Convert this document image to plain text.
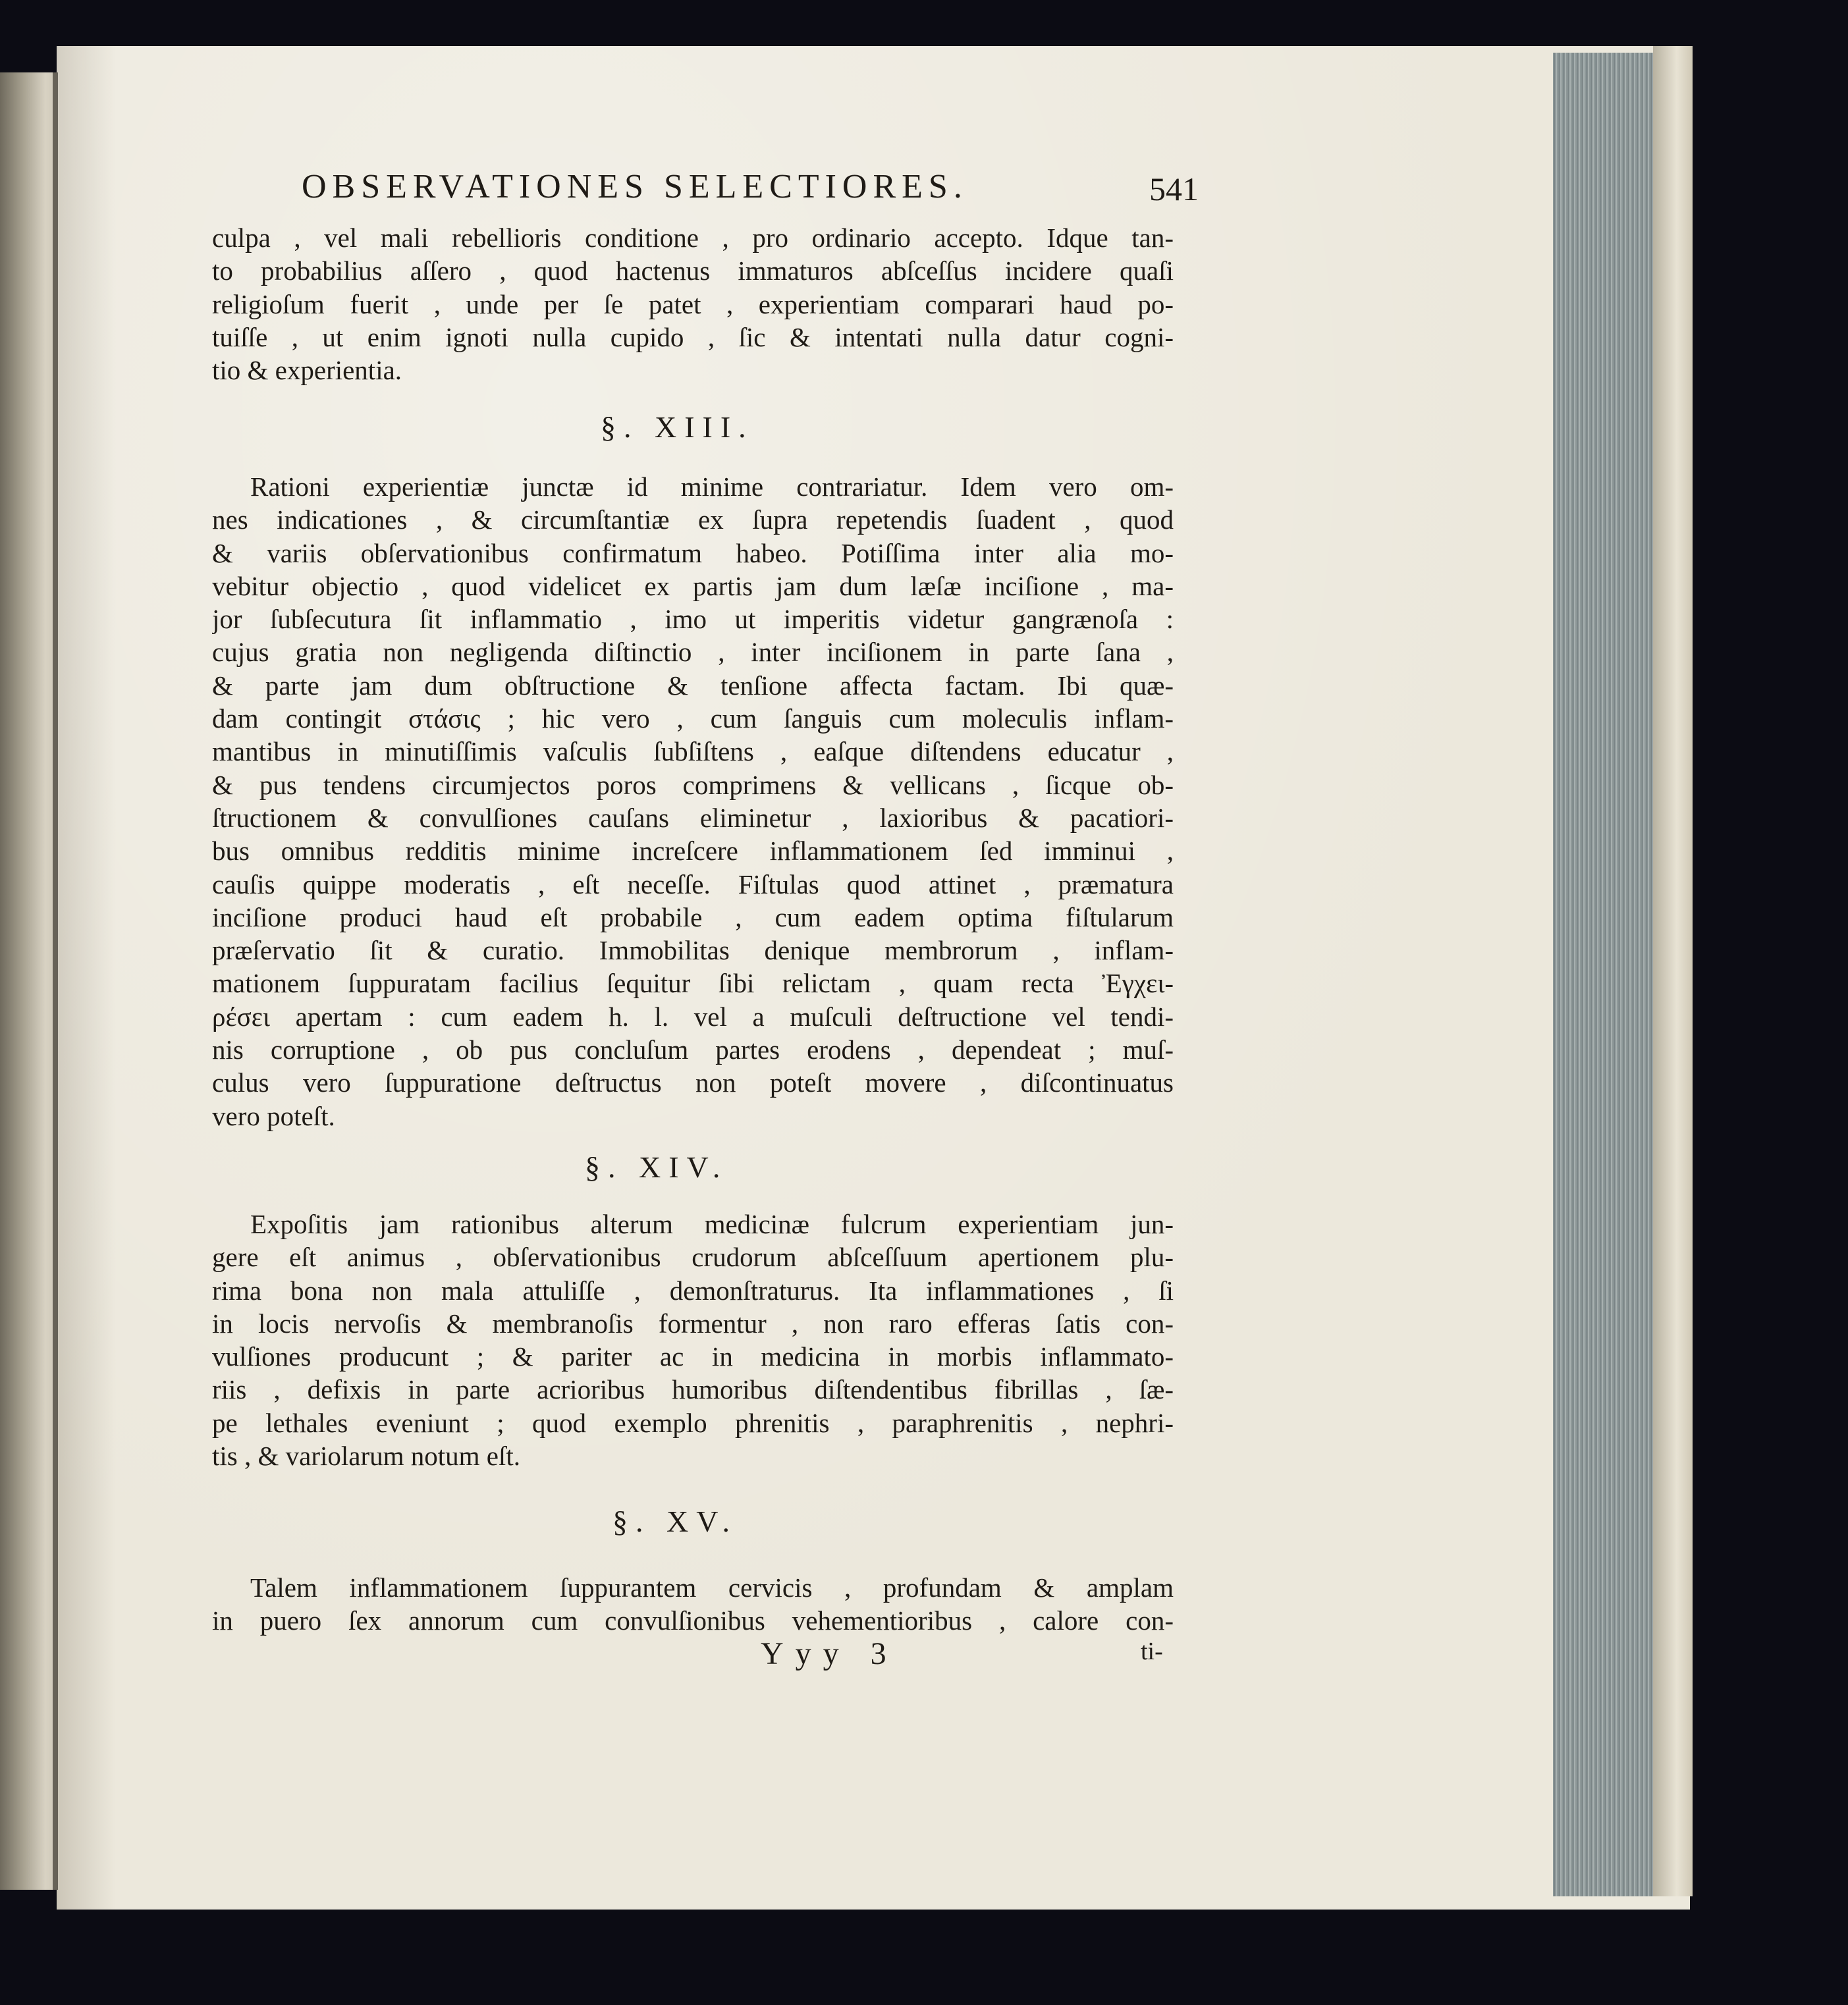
OBSERVATIONES SELECTIORES.	541
culpa , vel mali rebellioris conditione , pro ordinario accepto. Idque tan-
to probabilius aſſero , quod hactenus immaturos abſceſſus incidere quaſi
religioſum fuerit , unde per ſe patet , experientiam comparari haud po-
tuiſſe , ut enim ignoti nulla cupido , ſic & intentati nulla datur cogni-
tio & experientia.
§. XIII.
Rationi experientiæ junctæ id minime contrariatur. Idem vero om-
nes indicationes , & circumſtantiæ ex ſupra repetendis ſuadent , quod
& variis obſervationibus confirmatum habeo. Potiſſima inter alia mo-
vebitur objectio , quod videlicet ex partis jam dum læſæ inciſione , ma-
jor ſubſecutura ſit inflammatio , imo ut imperitis videtur gangrænoſa :
cujus gratia non negligenda diſtinctio , inter inciſionem in parte ſana ,
& parte jam dum obſtructione & tenſione affecta factam. Ibi quæ-
dam contingit στάσις ; hic vero , cum ſanguis cum moleculis inflam-
mantibus in minutiſſimis vaſculis ſubſiſtens , eaſque diſtendens educatur ,
& pus tendens circumjectos poros comprimens & vellicans , ſicque ob-
ſtructionem & convulſiones cauſans eliminetur , laxioribus & pacatiori-
bus omnibus redditis minime increſcere inflammationem ſed imminui ,
cauſis quippe moderatis , eſt neceſſe. Fiſtulas quod attinet , præmatura
inciſione produci haud eſt probabile , cum eadem optima fiſtularum
præſervatio ſit & curatio. Immobilitas denique membrorum , inflam-
mationem ſuppuratam facilius ſequitur ſibi relictam , quam recta Ἐγχει-
ρέσει apertam : cum eadem h. l. vel a muſculi deſtructione vel tendi-
nis corruptione , ob pus concluſum partes erodens , dependeat ; muſ-
culus vero ſuppuratione deſtructus non poteſt movere , diſcontinuatus
vero poteſt.
§. XIV.
Expoſitis jam rationibus alterum medicinæ fulcrum experientiam jun-
gere eſt animus , obſervationibus crudorum abſceſſuum apertionem plu-
rima bona non mala attuliſſe , demonſtraturus. Ita inflammationes , ſi
in locis nervoſis & membranoſis formentur , non raro efferas ſatis con-
vulſiones producunt ; & pariter ac in medicina in morbis inflammato-
riis , defixis in parte acrioribus humoribus diſtendentibus fibrillas , ſæ-
pe lethales eveniunt ; quod exemplo phrenitis , paraphrenitis , nephri-
tis , & variolarum notum eſt.
§. XV.
Talem inflammationem ſuppurantem cervicis , profundam & amplam
in puero ſex annorum cum convulſionibus vehementioribus , calore con-
Yyy 3	ti-
